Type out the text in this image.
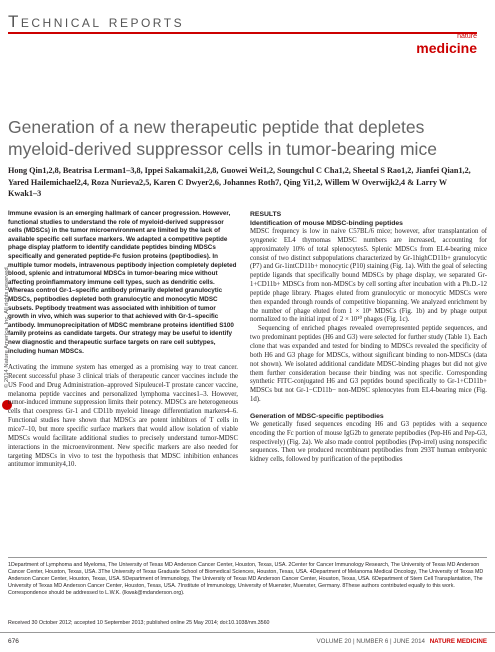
Technical reports
nature
medicine
Generation of a new therapeutic peptide that depletes myeloid-derived suppressor cells in tumor-bearing mice
Hong Qin1,2,8, Beatrisa Lerman1–3,8, Ippei Sakamaki1,2,8, Guowei Wei1,2, Soungchul C Cha1,2, Sheetal S Rao1,2, Jianfei Qian1,2, Yared Hailemichael2,4, Roza Nurieva2,5, Karen C Dwyer2,6, Johannes Roth7, Qing Yi1,2, Willem W Overwijk2,4 & Larry W Kwak1–3
© 2014 Nature America, Inc. All rights reserved.

Immune evasion is an emerging hallmark of cancer progression. However, functional studies to understand the role of myeloid-derived suppressor cells (MDSCs) in the tumor microenvironment are limited by the lack of available specific cell surface markers. We adapted a competitive peptide phage display platform to identify candidate peptides binding MDSCs specifically and generated peptide-Fc fusion proteins (peptibodies). In multiple tumor models, intravenous peptibody injection completely depleted blood, splenic and intratumoral MDSCs in tumor-bearing mice without affecting proinflammatory immune cell types, such as dendritic cells. Whereas control Gr-1–specific antibody primarily depleted granulocytic MDSCs, peptibodies depleted both granulocytic and monocytic MDSC subsets. Peptibody treatment was associated with inhibition of tumor growth in vivo, which was superior to that achieved with Gr-1–specific antibody. Immunoprecipitation of MDSC membrane proteins identified S100 family proteins as candidate targets. Our strategy may be useful to identify new diagnostic and therapeutic surface targets on rare cell subtypes, including human MDSCs.

Activating the immune system has emerged as a promising way to treat cancer. Recent successful phase 3 clinical trials of therapeutic cancer vaccines include the US Food and Drug Administration–approved Sipuleucel-T prostate cancer vaccine, melanoma peptide vaccines and personalized lymphoma vaccines1–3. However, tumor-induced immune suppression limits their potency. MDSCs are heterogeneous cells that coexpress Gr-1 and CD11b myeloid lineage differentiation markers4–6. Functional studies have shown that MDSCs are potent inhibitors of T cells in mice7–10, but more specific surface markers that would allow isolation of viable MDSCs would facilitate additional studies to precisely understand tumor-MDSC interactions in the microenvironment. New specific markers are also needed for targeting MDSCs in vivo to test the hypothesis that MDSC inhibition enhances antitumor immunity4,10.

RESULTS
Identification of mouse MDSC-binding peptides

MDSC frequency is low in naive C57BL/6 mice; however, after transplantation of syngeneic EL4 thymomas MDSC numbers are increased, accounting for approximately 10% of total splenocytes5. Splenic MDSCs from EL4-bearing mice consist of two distinct subpopulations characterized by Gr-1highCD11b+ granulocytic (P7) and Gr-1intCD11b+ monocytic (P10) staining (Fig. 1a). With the goal of selecting peptide ligands that specifically bound MDSCs by phage display, we separated Gr-1+CD11b+ MDSCs from non-MDSCs by cell sorting after incubation with a Ph.D.-12 peptide phage library. Phages eluted from granulocytic or monocytic MDSCs were then expanded through rounds of competitive biopanning. We analyzed enrichment by the number of phage eluted from 1 × 10⁶ MDSCs (Fig. 1b) and by phage output normalized to the initial input of 2 × 10¹⁰ phages (Fig. 1c).

Sequencing of enriched phages revealed overrepresented peptide sequences, and two predominant peptides (H6 and G3) were selected for further study (Table 1). Each clone that was expanded and tested for binding to MDSCs revealed the specificity of both H6 and G3 phage for MDSCs, without significant binding to non-MDSCs (data not shown). We isolated additional candidate MDSC-binding phages but did not give them further consideration because their binding was not specific. Corresponding synthetic FITC-conjugated H6 and G3 peptides bound specifically to Gr-1+CD11b+ MDSCs but not Gr-1−CD11b− non-MDSC splenocytes from EL4-bearing mice (Fig. 1d).

Generation of MDSC-specific peptibodies

We genetically fused sequences encoding H6 and G3 peptides with a sequence encoding the Fc portion of mouse IgG2b to generate peptibodies (Pep-H6 and Pep-G3, respectively) (Fig. 2a). We also made control peptibodies (Pep-irrel) using nonspecific sequences. Then we produced recombinant peptibodies from 293T human embryonic kidney cells, followed by purification of the peptibodies

1Department of Lymphoma and Myeloma, The University of Texas MD Anderson Cancer Center, Houston, Texas, USA. 2Center for Cancer Immunology Research, The University of Texas MD Anderson Cancer Center, Houston, Texas, USA. 3The University of Texas Graduate School of Biomedical Sciences, Houston, Texas, USA. 4Department of Melanoma Medical Oncology, The University of Texas MD Anderson Cancer Center, Houston, Texas, USA. 5Department of Immunology, The University of Texas MD Anderson Cancer Center, Houston, Texas, USA. 6Department of Stem Cell Transplantation, The University of Texas MD Anderson Cancer Center, Houston, Texas, USA. 7Institute of Immunology, University of Muenster, Muenster, Germany. 8These authors contributed equally to this work. Correspondence should be addressed to L.W.K. (lkwak@mdanderson.org).
Received 30 October 2012; accepted 10 September 2013; published online 25 May 2014; doi:10.1038/nm.3560
676	VOLUME 20 | NUMBER 6 | JUNE 2014 NATURE MEDICINE
